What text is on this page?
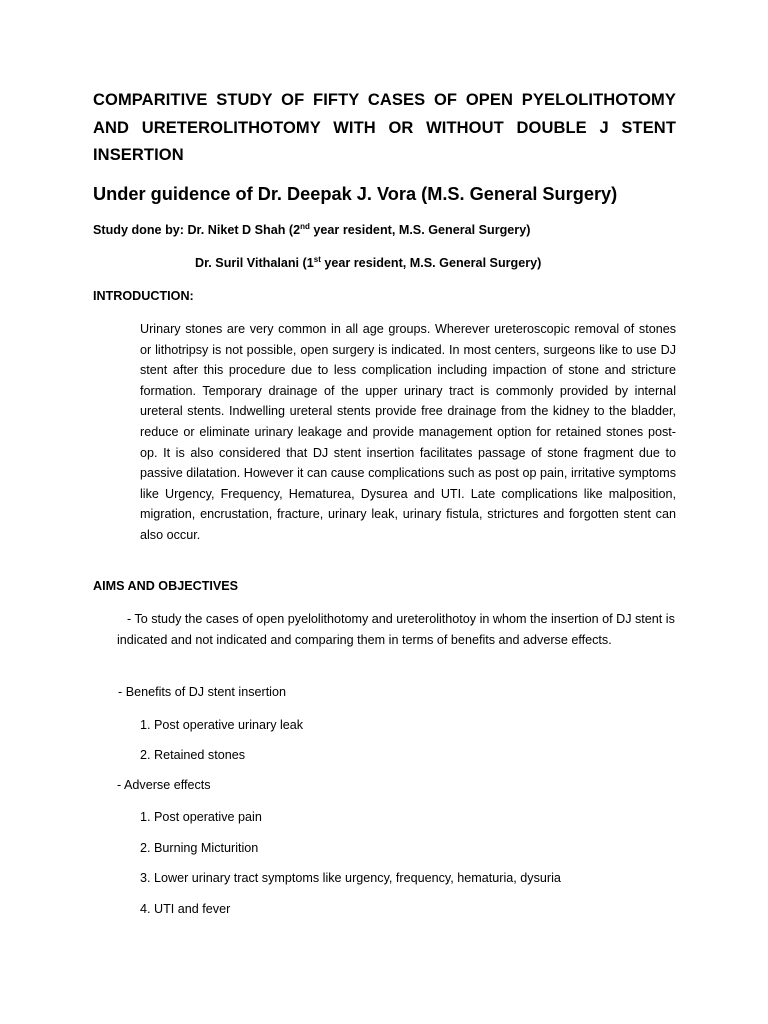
COMPARITIVE STUDY OF FIFTY CASES OF OPEN PYELOLITHOTOMY AND URETEROLITHOTOMY WITH OR WITHOUT DOUBLE J STENT INSERTION

Under guidence of Dr. Deepak J. Vora (M.S. General Surgery)

Study done by: Dr. Niket D Shah (2nd year resident, M.S. General Surgery)

Dr. Suril Vithalani (1st year resident, M.S. General Surgery)

INTRODUCTION:

Urinary stones are very common in all age groups. Wherever ureteroscopic removal of stones or lithotripsy is not possible, open surgery is indicated. In most centers, surgeons like to use DJ stent after this procedure due to less complication including impaction of stone and stricture formation. Temporary drainage of the upper urinary tract is commonly provided by internal ureteral stents. Indwelling ureteral stents provide free drainage from the kidney to the bladder, reduce or eliminate urinary leakage and provide management option for retained stones post-op. It is also considered that DJ stent insertion facilitates passage of stone fragment due to passive dilatation. However it can cause complications such as post op pain, irritative symptoms like Urgency, Frequency, Hematurea, Dysurea and UTI. Late complications like malposition, migration, encrustation, fracture, urinary leak, urinary fistula, strictures and forgotten stent can also occur.

AIMS AND OBJECTIVES

- To study the cases of open pyelolithotomy and ureterolithotoy in whom the insertion of DJ stent is indicated and not indicated and comparing them in terms of benefits and adverse effects.

- Benefits of DJ stent insertion

1. Post operative urinary leak

2. Retained stones

- Adverse effects

1. Post operative pain

2. Burning Micturition

3. Lower urinary tract symptoms like urgency, frequency, hematuria, dysuria

4. UTI and fever
